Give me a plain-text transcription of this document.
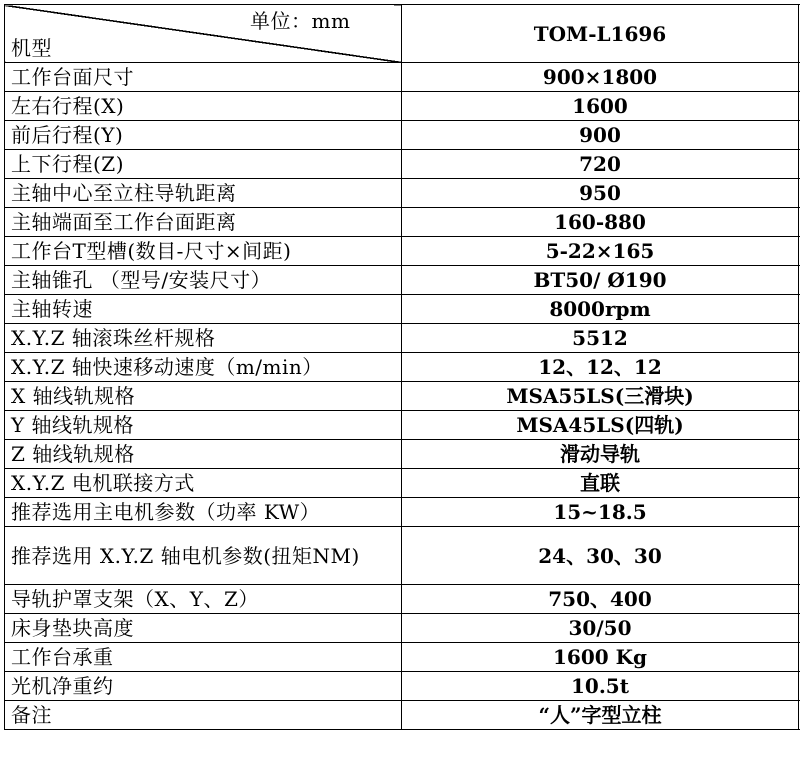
单位：mm
机型	TOM-L1696	
工作台面尺寸	900×1800	
左右行程(X)	1600	
前后行程(Y)	900	
上下行程(Z)	720	
主轴中心至立柱导轨距离	950	
主轴端面至工作台面距离	160-880	
工作台T型槽(数目-尺寸×间距)	5-22×165	
主轴锥孔 （型号/安装尺寸）	BT50/ Ø190	
主轴转速	8000rpm	
X.Y.Z 轴滚珠丝杆规格	5512	
X.Y.Z 轴快速移动速度（m/min）	12、12、12	
X 轴线轨规格	MSA55LS(三滑块)	
Y 轴线轨规格	MSA45LS(四轨)	
Z 轴线轨规格	滑动导轨	
X.Y.Z 电机联接方式	直联	
推荐选用主电机参数（功率 KW）	15~18.5	
推荐选用 X.Y.Z 轴电机参数(扭矩NM)	24、30、30	
导轨护罩支架（X、Y、Z）	750、400	
床身垫块高度	30/50	
工作台承重	1600 Kg	
光机净重约	10.5t	
备注	“人”字型立柱	
